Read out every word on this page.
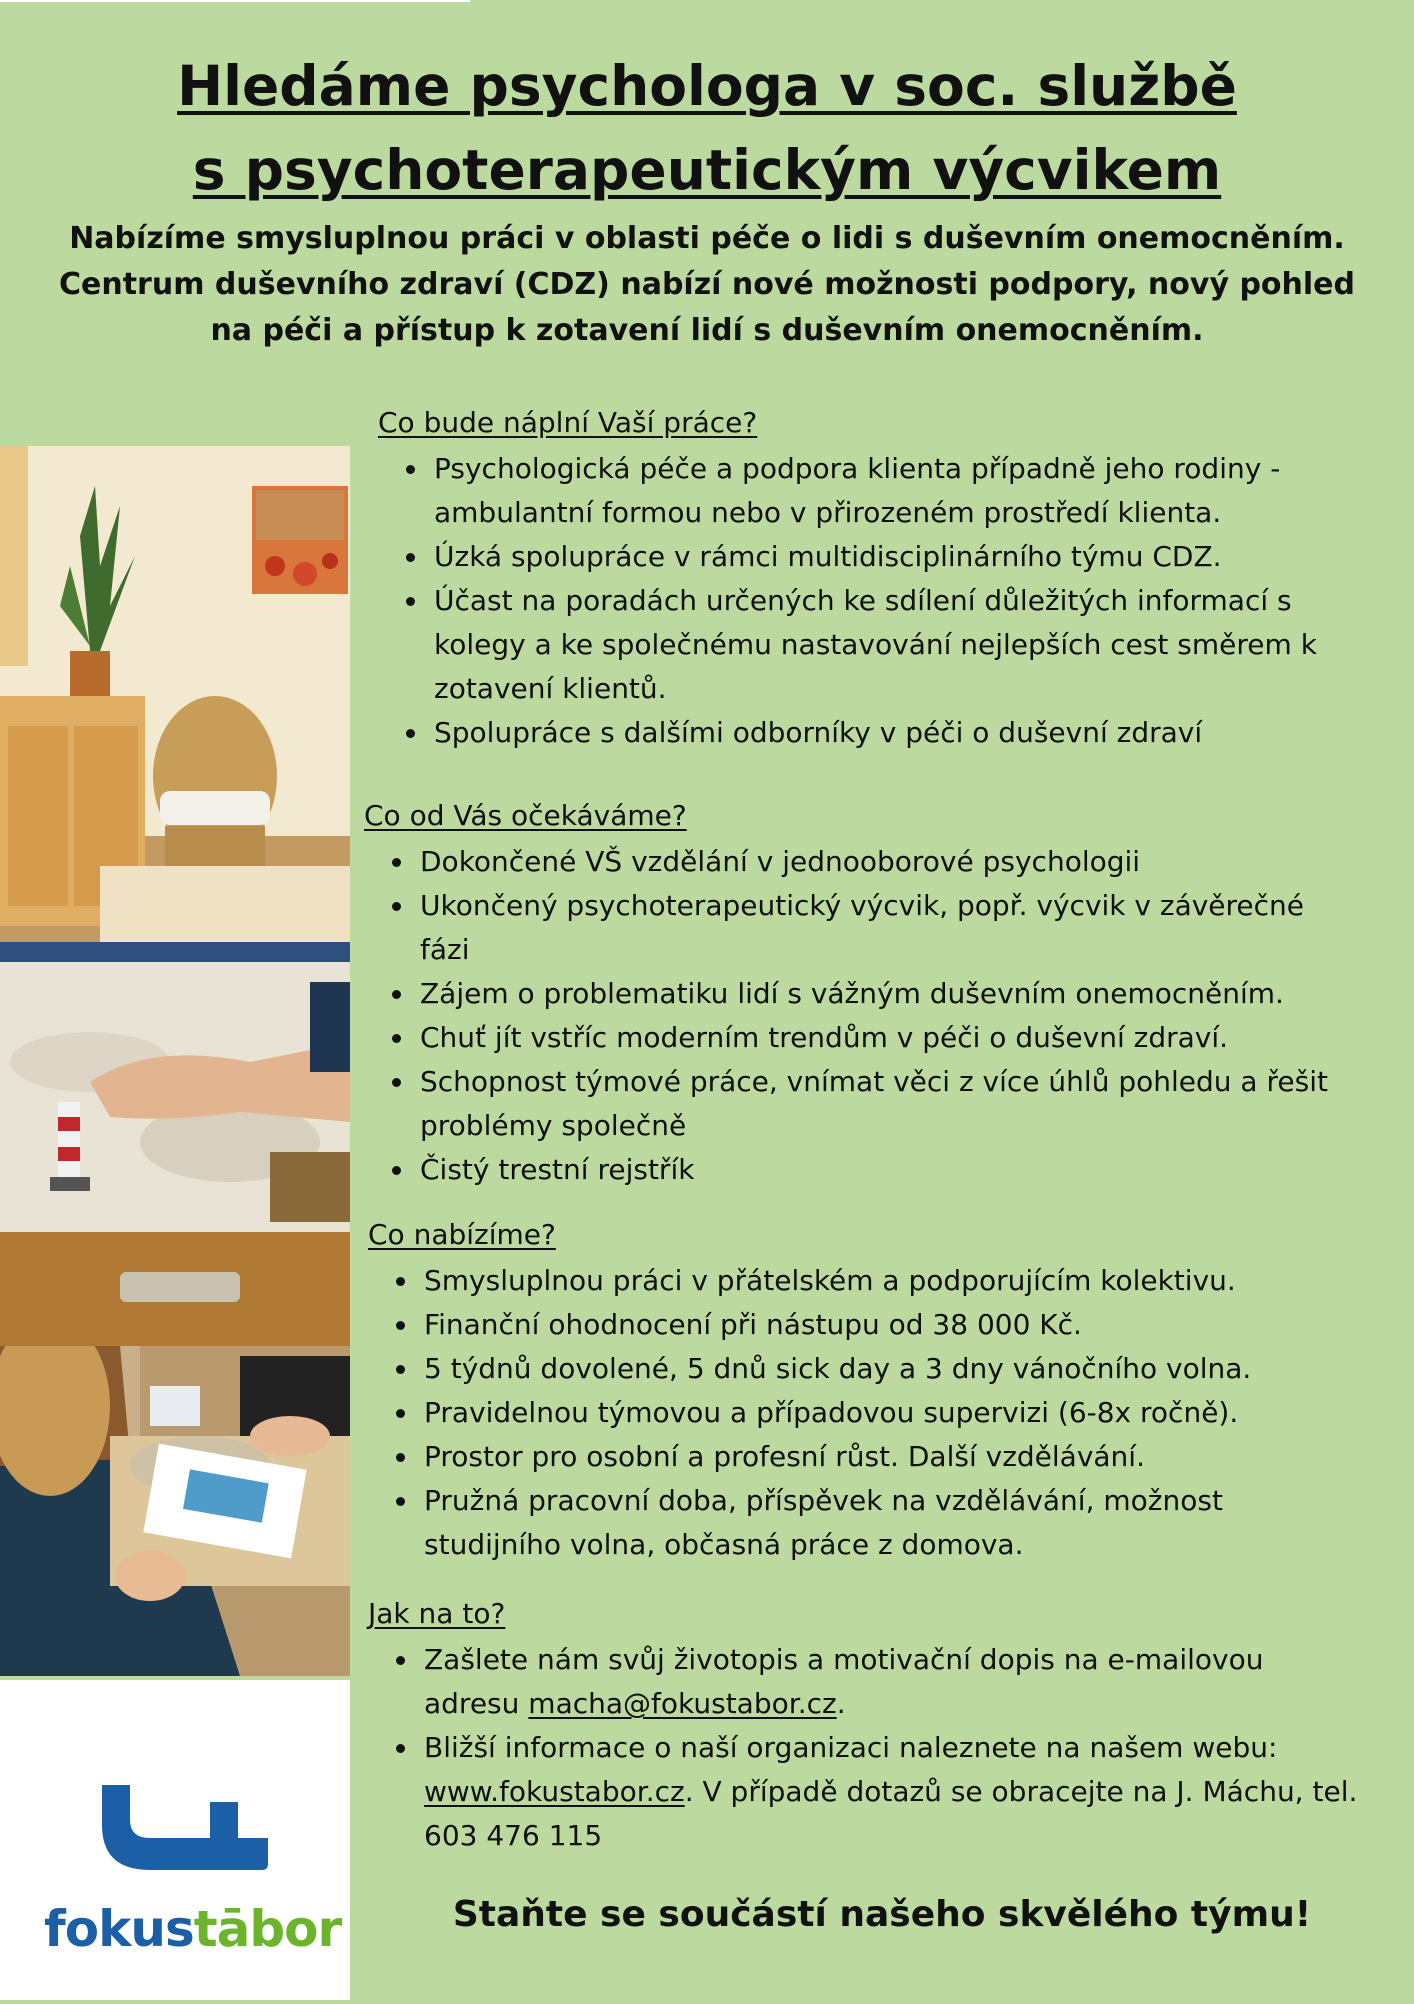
Hledáme psychologa v soc. službě
s psychoterapeutickým výcvikem
Nabízíme smysluplnou práci v oblasti péče o lidi s duševním onemocněním. Centrum duševního zdraví (CDZ) nabízí nové možnosti podpory, nový pohled na péči a přístup k zotavení lidí s duševním onemocněním.
fokustābor
Co bude náplní Vaší práce?
• Psychologická péče a podpora klienta případně jeho rodiny - ambulantní formou nebo v přirozeném prostředí klienta.
• Úzká spolupráce v rámci multidisciplinárního týmu CDZ.
• Účast na poradách určených ke sdílení důležitých informací s kolegy a ke společnému nastavování nejlepších cest směrem k zotavení klientů.
• Spolupráce s dalšími odborníky v péči o duševní zdraví
Co od Vás očekáváme?
• Dokončené VŠ vzdělání v jednooborové psychologii
• Ukončený psychoterapeutický výcvik, popř. výcvik v závěrečné fázi
• Zájem o problematiku lidí s vážným duševním onemocněním.
• Chuť jít vstříc moderním trendům v péči o duševní zdraví.
• Schopnost týmové práce, vnímat věci z více úhlů pohledu a řešit problémy společně
• Čistý trestní rejstřík
Co nabízíme?
• Smysluplnou práci v přátelském a podporujícím kolektivu.
• Finanční ohodnocení při nástupu od 38 000 Kč.
• 5 týdnů dovolené, 5 dnů sick day a 3 dny vánočního volna.
• Pravidelnou týmovou a případovou supervizi (6-8x ročně).
• Prostor pro osobní a profesní růst. Další vzdělávání.
• Pružná pracovní doba, příspěvek na vzdělávání, možnost studijního volna, občasná práce z domova.
Jak na to?
• Zašlete nám svůj životopis a motivační dopis na e-mailovou adresu macha@fokustabor.cz.
• Bližší informace o naší organizaci naleznete na našem webu: www.fokustabor.cz. V případě dotazů se obracejte na J. Máchu, tel. 603 476 115
Staňte se součástí našeho skvělého týmu!
